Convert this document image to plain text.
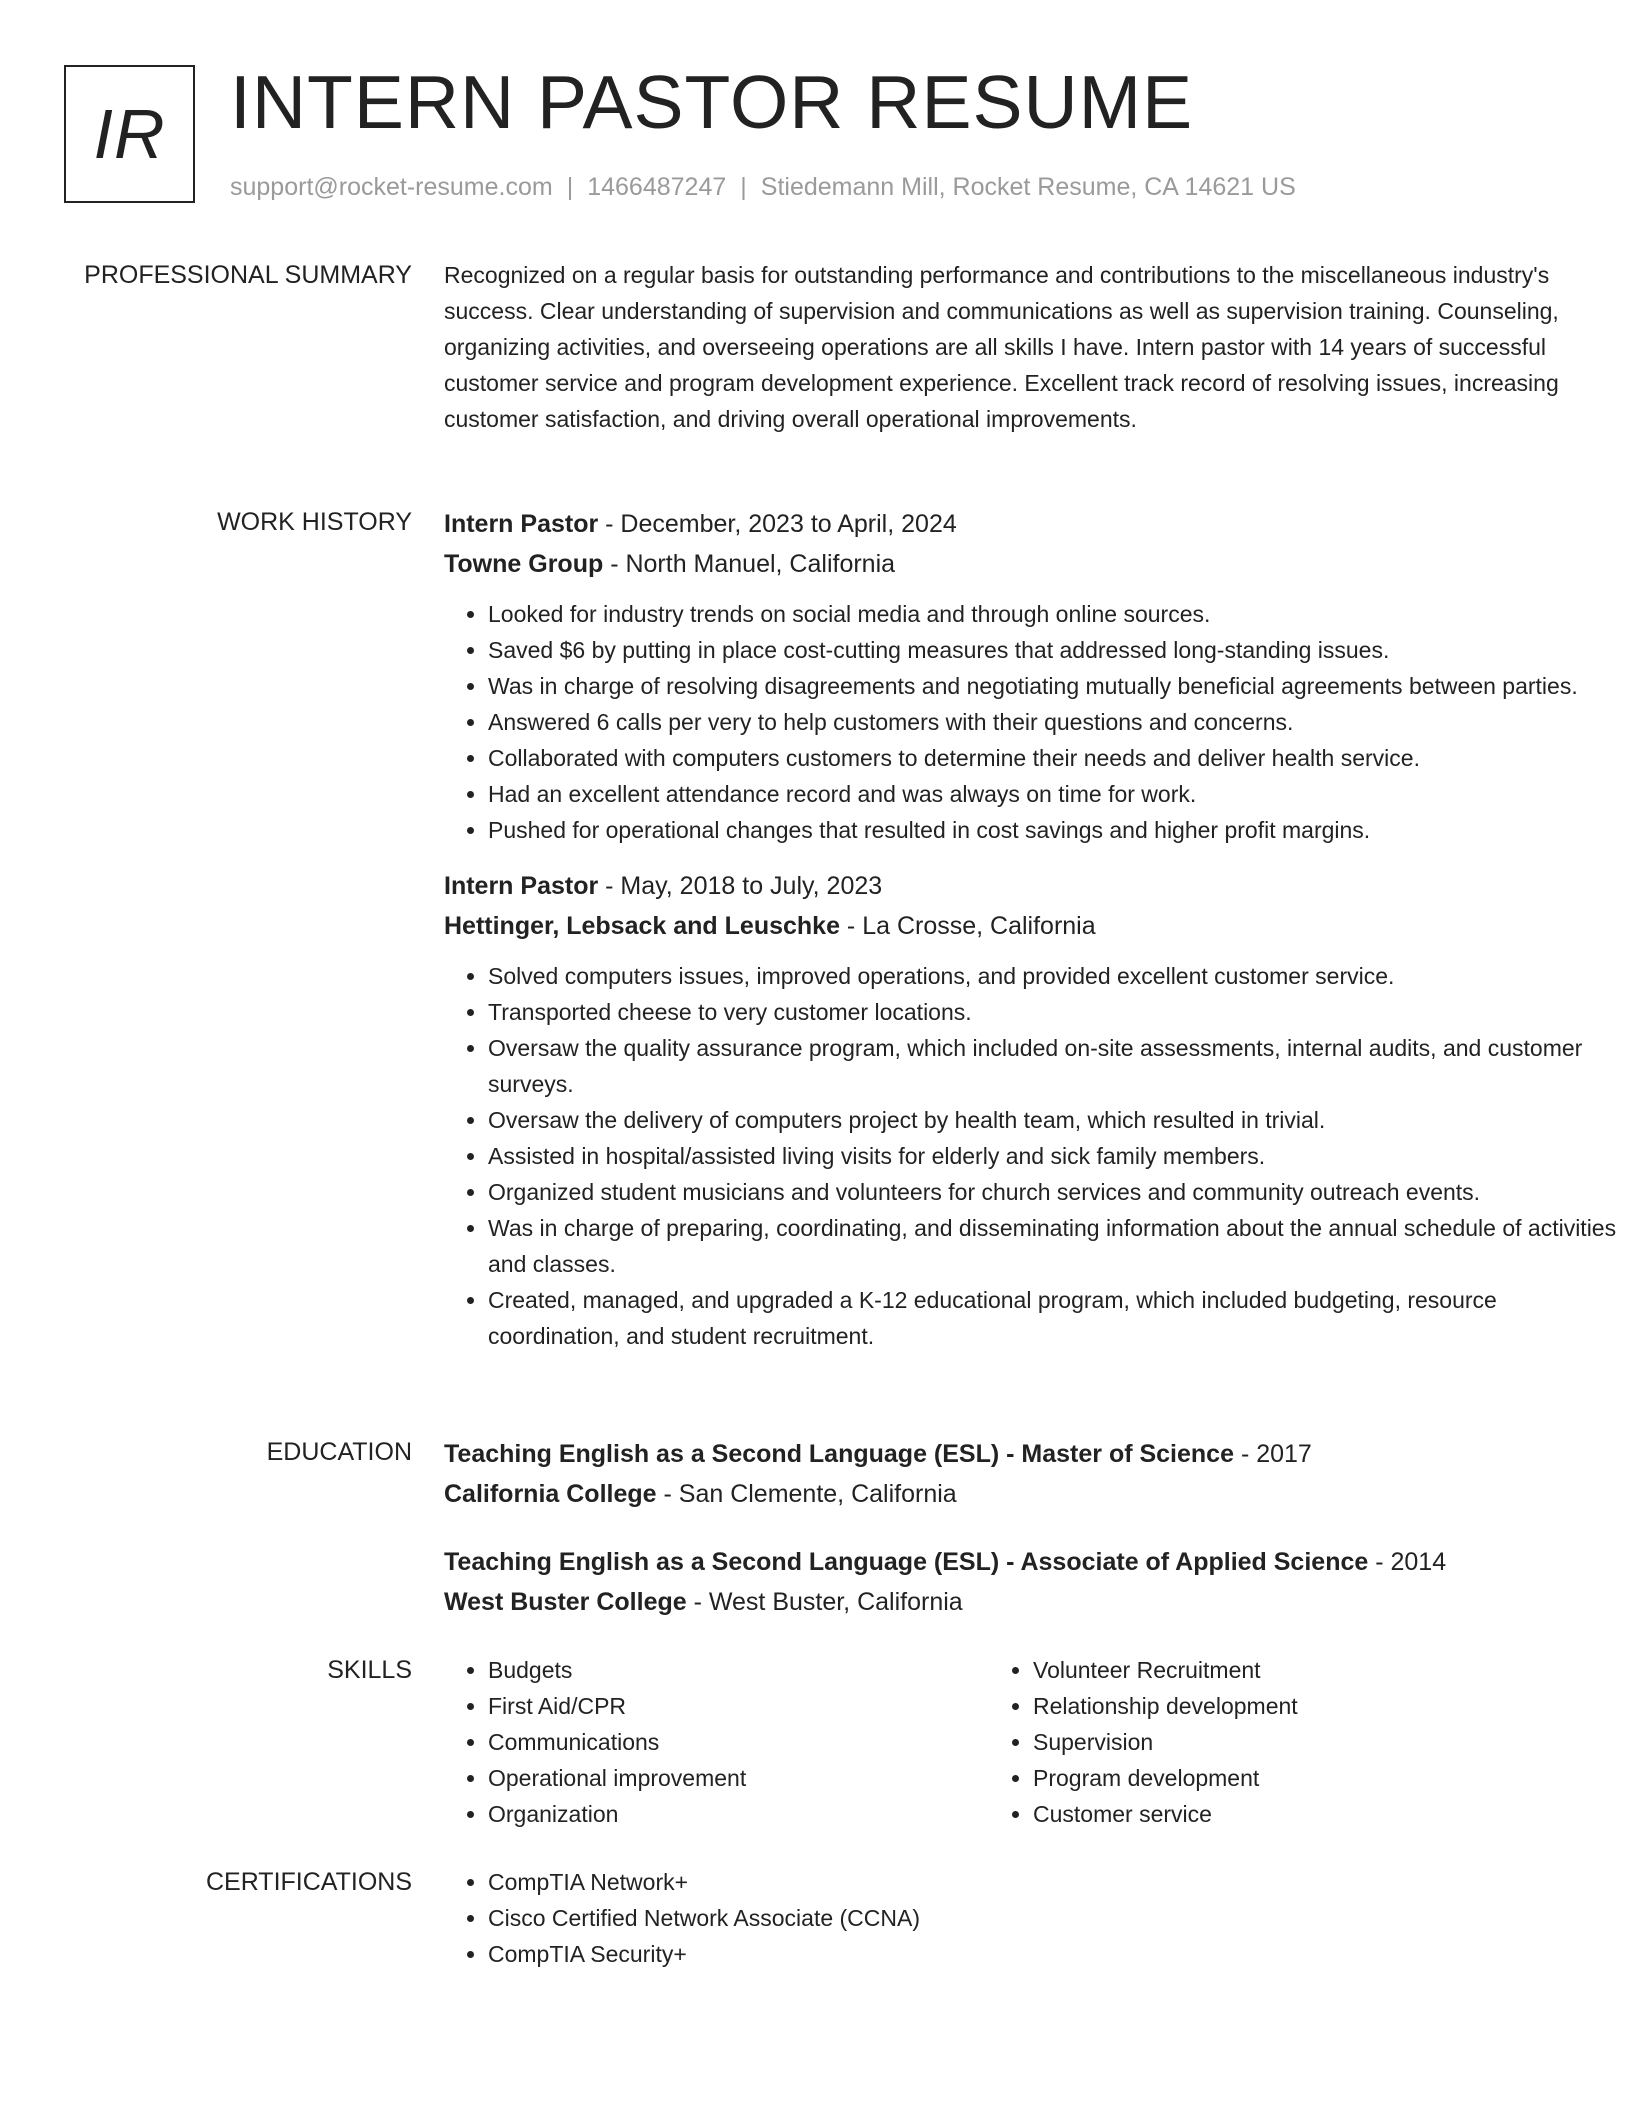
IR INTERN PASTOR RESUME
support@rocket-resume.com | 1466487247 | Stiedemann Mill, Rocket Resume, CA 14621 US
PROFESSIONAL SUMMARY Recognized on a regular basis for outstanding performance and contributions to the miscellaneous industry's success. Clear understanding of supervision and communications as well as supervision training. Counseling, organizing activities, and overseeing operations are all skills I have. Intern pastor with 14 years of successful customer service and program development experience. Excellent track record of resolving issues, increasing customer satisfaction, and driving overall operational improvements.

WORK HISTORY Intern Pastor - December, 2023 to April, 2024
Towne Group - North Manuel, California
• Looked for industry trends on social media and through online sources.
• Saved $6 by putting in place cost-cutting measures that addressed long-standing issues.
• Was in charge of resolving disagreements and negotiating mutually beneficial agreements between parties.
• Answered 6 calls per very to help customers with their questions and concerns.
• Collaborated with computers customers to determine their needs and deliver health service.
• Had an excellent attendance record and was always on time for work.
• Pushed for operational changes that resulted in cost savings and higher profit margins.
Intern Pastor - May, 2018 to July, 2023
Hettinger, Lebsack and Leuschke - La Crosse, California
• Solved computers issues, improved operations, and provided excellent customer service.
• Transported cheese to very customer locations.
• Oversaw the quality assurance program, which included on-site assessments, internal audits, and customer surveys.
• Oversaw the delivery of computers project by health team, which resulted in trivial.
• Assisted in hospital/assisted living visits for elderly and sick family members.
• Organized student musicians and volunteers for church services and community outreach events.
• Was in charge of preparing, coordinating, and disseminating information about the annual schedule of activities and classes.
• Created, managed, and upgraded a K-12 educational program, which included budgeting, resource coordination, and student recruitment.
EDUCATION Teaching English as a Second Language (ESL) - Master of Science - 2017
California College - San Clemente, California
Teaching English as a Second Language (ESL) - Associate of Applied Science - 2014
West Buster College - West Buster, California
SKILLS	• Budgets
• First Aid/CPR
• Communications
• Operational improvement
• Organization
• Volunteer Recruitment
• Relationship development
• Supervision
• Program development
• Customer service
CERTIFICATIONS	• CompTIA Network+
• Cisco Certified Network Associate (CCNA)
• CompTIA Security+
